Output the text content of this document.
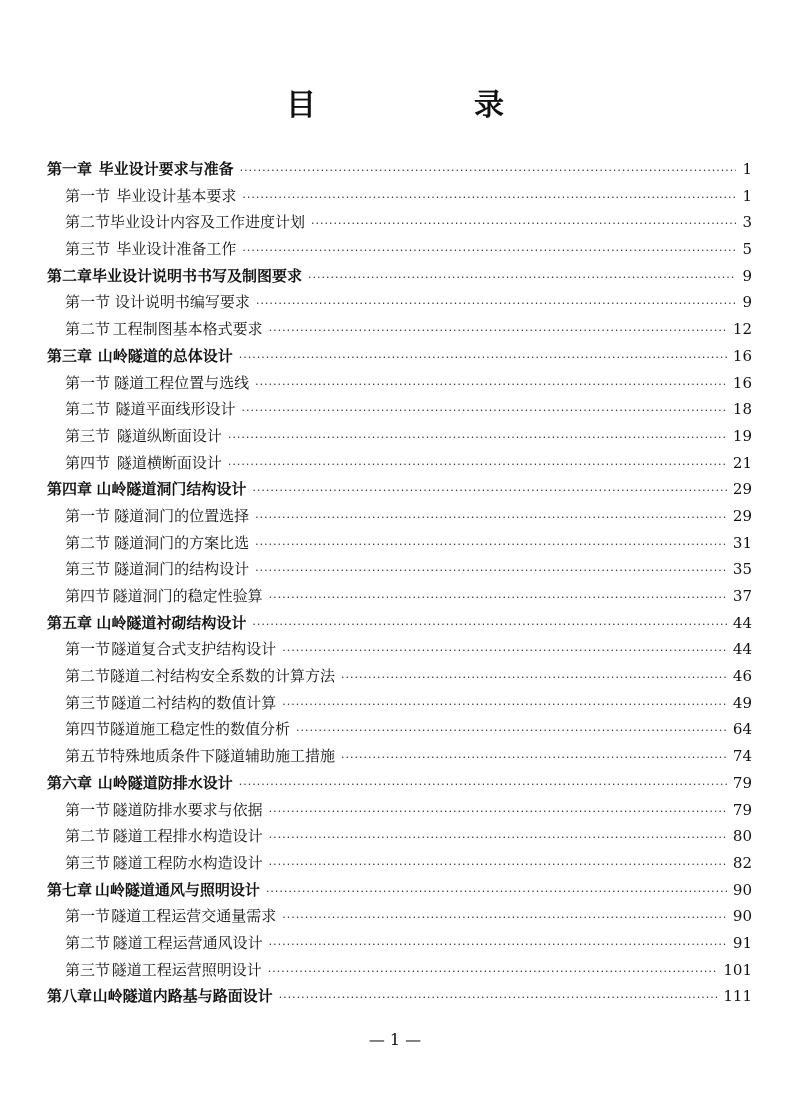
目　录
第一章 毕业设计要求与准备 ·····	1
第一节 毕业设计基本要求 ·····	1
第二节 毕业设计内容及工作进度计划 ·····	3
第三节 毕业设计准备工作 ·····	5
第二章 毕业设计说明书书写及制图要求 ·····	9
第一节 设计说明书编写要求 ·····	9
第二节 工程制图基本格式要求 ·····	12
第三章 山岭隧道的总体设计 ·····	16
第一节 隧道工程位置与选线 ·····	16
第二节 隧道平面线形设计 ·····	18
第三节 隧道纵断面设计 ·····	19
第四节 隧道横断面设计 ·····	21
第四章 山岭隧道洞门结构设计 ·····	29
第一节 隧道洞门的位置选择 ·····	29
第二节 隧道洞门的方案比选 ·····	31
第三节 隧道洞门的结构设计 ·····	35
第四节 隧道洞门的稳定性验算 ·····	37
第五章 山岭隧道衬砌结构设计 ·····	44
第一节 隧道复合式支护结构设计 ·····	44
第二节 隧道二衬结构安全系数的计算方法 ·····	46
第三节 隧道二衬结构的数值计算 ·····	49
第四节 隧道施工稳定性的数值分析 ·····	64
第五节 特殊地质条件下隧道辅助施工措施 ·····	74
第六章 山岭隧道防排水设计 ·····	79
第一节 隧道防排水要求与依据 ·····	79
第二节 隧道工程排水构造设计 ·····	80
第三节 隧道工程防水构造设计 ·····	82
第七章 山岭隧道通风与照明设计 ·····	90
第一节 隧道工程运营交通量需求 ·····	90
第二节 隧道工程运营通风设计 ·····	91
第三节 隧道工程运营照明设计 ·····	101
第八章 山岭隧道内路基与路面设计 ·····	111
— 1 —
